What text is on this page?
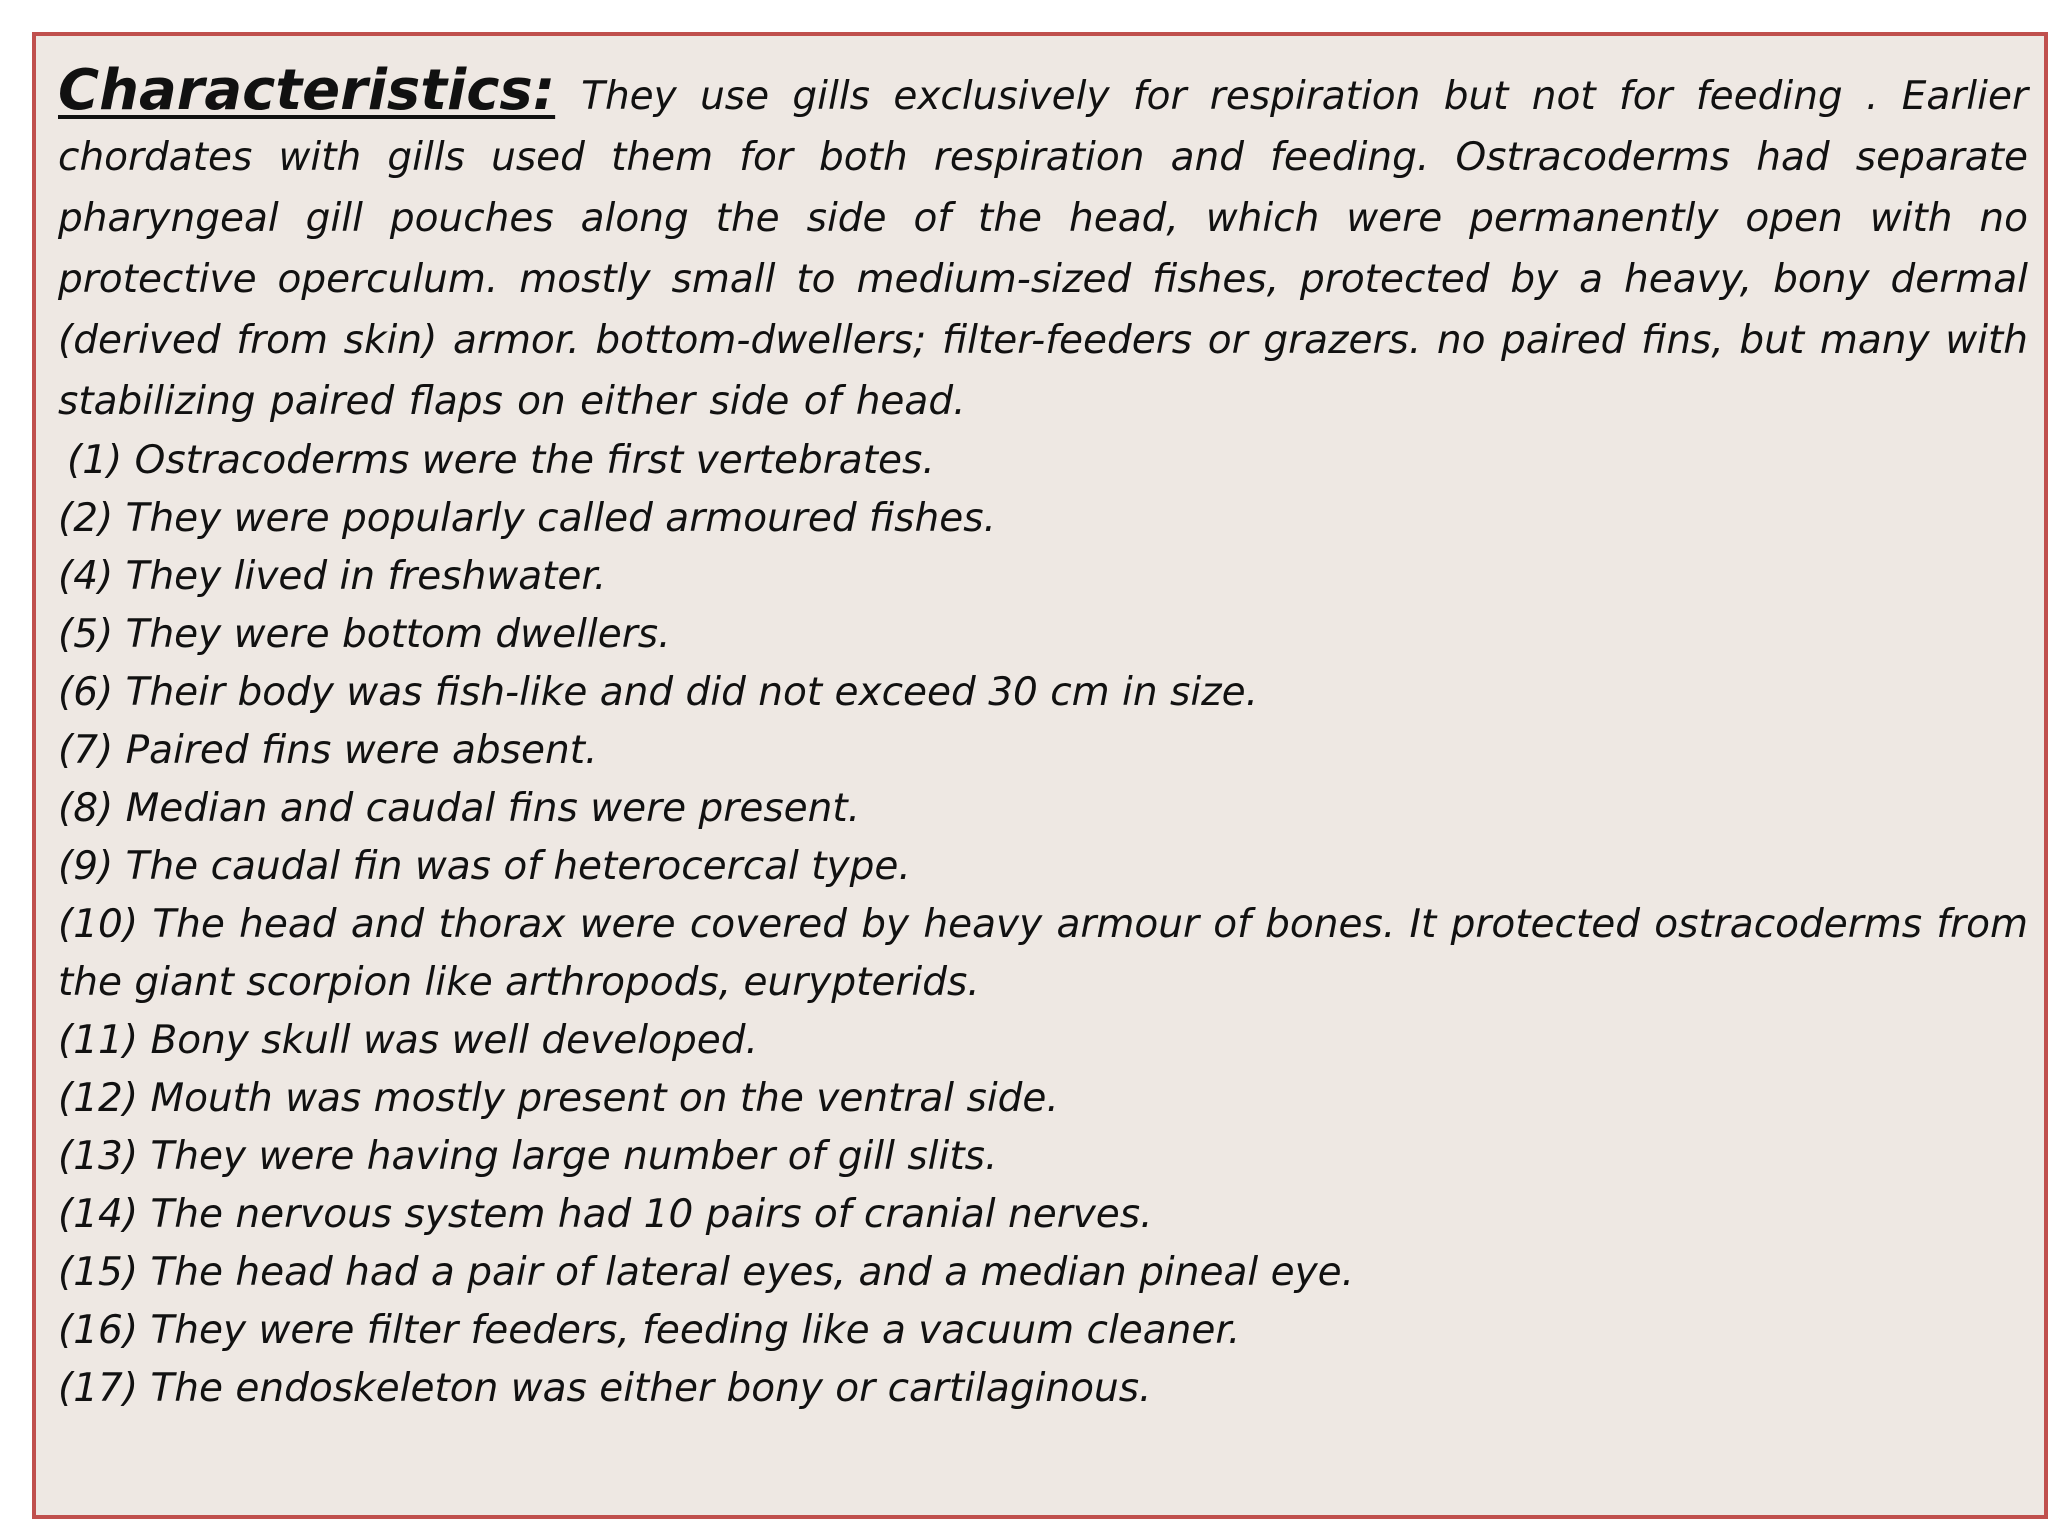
Characteristics: They use gills exclusively for respiration but not for feeding . Earlier chordates with gills used them for both respiration and feeding. Ostracoderms had separate pharyngeal gill pouches along the side of the head, which were permanently open with no protective operculum. mostly small to medium-sized fishes, protected by a heavy, bony dermal (derived from skin) armor. bottom-dwellers; filter-feeders or grazers. no paired fins, but many with stabilizing paired flaps on either side of head.

(1) Ostracoderms were the first vertebrates.
(2) They were popularly called armoured fishes.
(4) They lived in freshwater.
(5) They were bottom dwellers.
(6) Their body was fish-like and did not exceed 30 cm in size.
(7) Paired fins were absent.
(8) Median and caudal fins were present.
(9) The caudal fin was of heterocercal type.
(10) The head and thorax were covered by heavy armour of bones. It protected ostracoderms from the giant scorpion like arthropods, eurypterids.
(11) Bony skull was well developed.
(12) Mouth was mostly present on the ventral side.
(13) They were having large number of gill slits.
(14) The nervous system had 10 pairs of cranial nerves.
(15) The head had a pair of lateral eyes, and a median pineal eye.
(16) They were filter feeders, feeding like a vacuum cleaner.
(17) The endoskeleton was either bony or cartilaginous.
